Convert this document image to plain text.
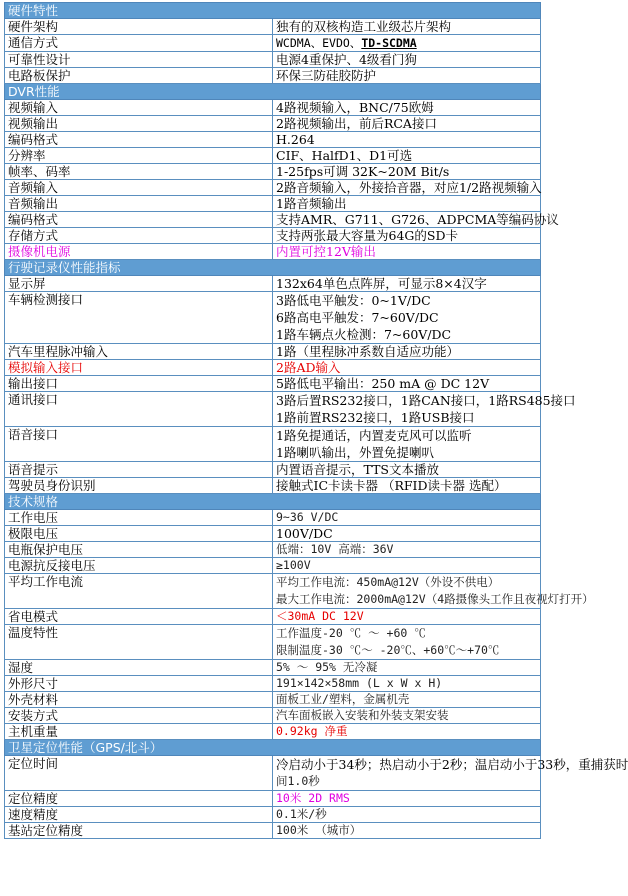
硬件特性	
硬件架构	独有的双核构造工业级芯片架构
通信方式	WCDMA、EVDO、TD-SCDMA
可靠性设计	电源4重保护、4级看门狗
电路板保护	环保三防硅胶防护
DVR性能	
视频输入	4路视频输入，BNC/75欧姆
视频输出	2路视频输出，前后RCA接口
编码格式	H.264
分辨率	CIF、HalfD1、D1可选
帧率、码率	1-25fps可调 32K~20M Bit/s
音频输入	2路音频输入，外接拾音器，对应1/2路视频输入
音频输出	1路音频输出
编码格式	支持AMR、G711、G726、ADPCMA等编码协议
存储方式	支持两张最大容量为64G的SD卡
摄像机电源	内置可控12V输出
行驶记录仪性能指标	
显示屏	132x64单色点阵屏，可显示8×4汉字
车辆检测接口	3路低电平触发：0~1V/DC
6路高电平触发：7~60V/DC
1路车辆点火检测：7~60V/DC

汽车里程脉冲输入	1路（里程脉冲系数自适应功能）
模拟输入接口	2路AD输入
输出接口	5路低电平输出：250 mA @ DC 12V
通讯接口	3路后置RS232接口，1路CAN接口，1路RS485接口
1路前置RS232接口，1路USB接口

语音接口	1路免提通话，内置麦克风可以监听
1路喇叭输出，外置免提喇叭

语音提示	内置语音提示，TTS文本播放
驾驶员身份识别	接触式IC卡读卡器 （RFID读卡器 选配）
技术规格	
工作电压	9~36 V/DC
极限电压	100V/DC
电瓶保护电压	低端：10V 高端：36V
电源抗反接电压	≥100V
平均工作电流	平均工作电流：450mA@12V（外设不供电）
最大工作电流：2000mA@12V（4路摄像头工作且夜视灯打开）

省电模式	＜30mA DC 12V
温度特性	工作温度-20 ℃ ～ +60 ℃
限制温度-30 ℃～ -20℃、+60℃～+70℃

湿度	5% ～ 95% 无冷凝
外形尺寸	191×142×58mm (L x W x H)
外壳材料	面板工业/塑料，金属机壳
安装方式	汽车面板嵌入安装和外装支架安装
主机重量	0.92kg 净重
卫星定位性能（GPS/北斗）	
定位时间	冷启动小于34秒；热启动小于2秒；温启动小于33秒，重捕获时
间1.0秒

定位精度	10米 2D RMS
速度精度	0.1米/秒
基站定位精度	100米 （城市）
